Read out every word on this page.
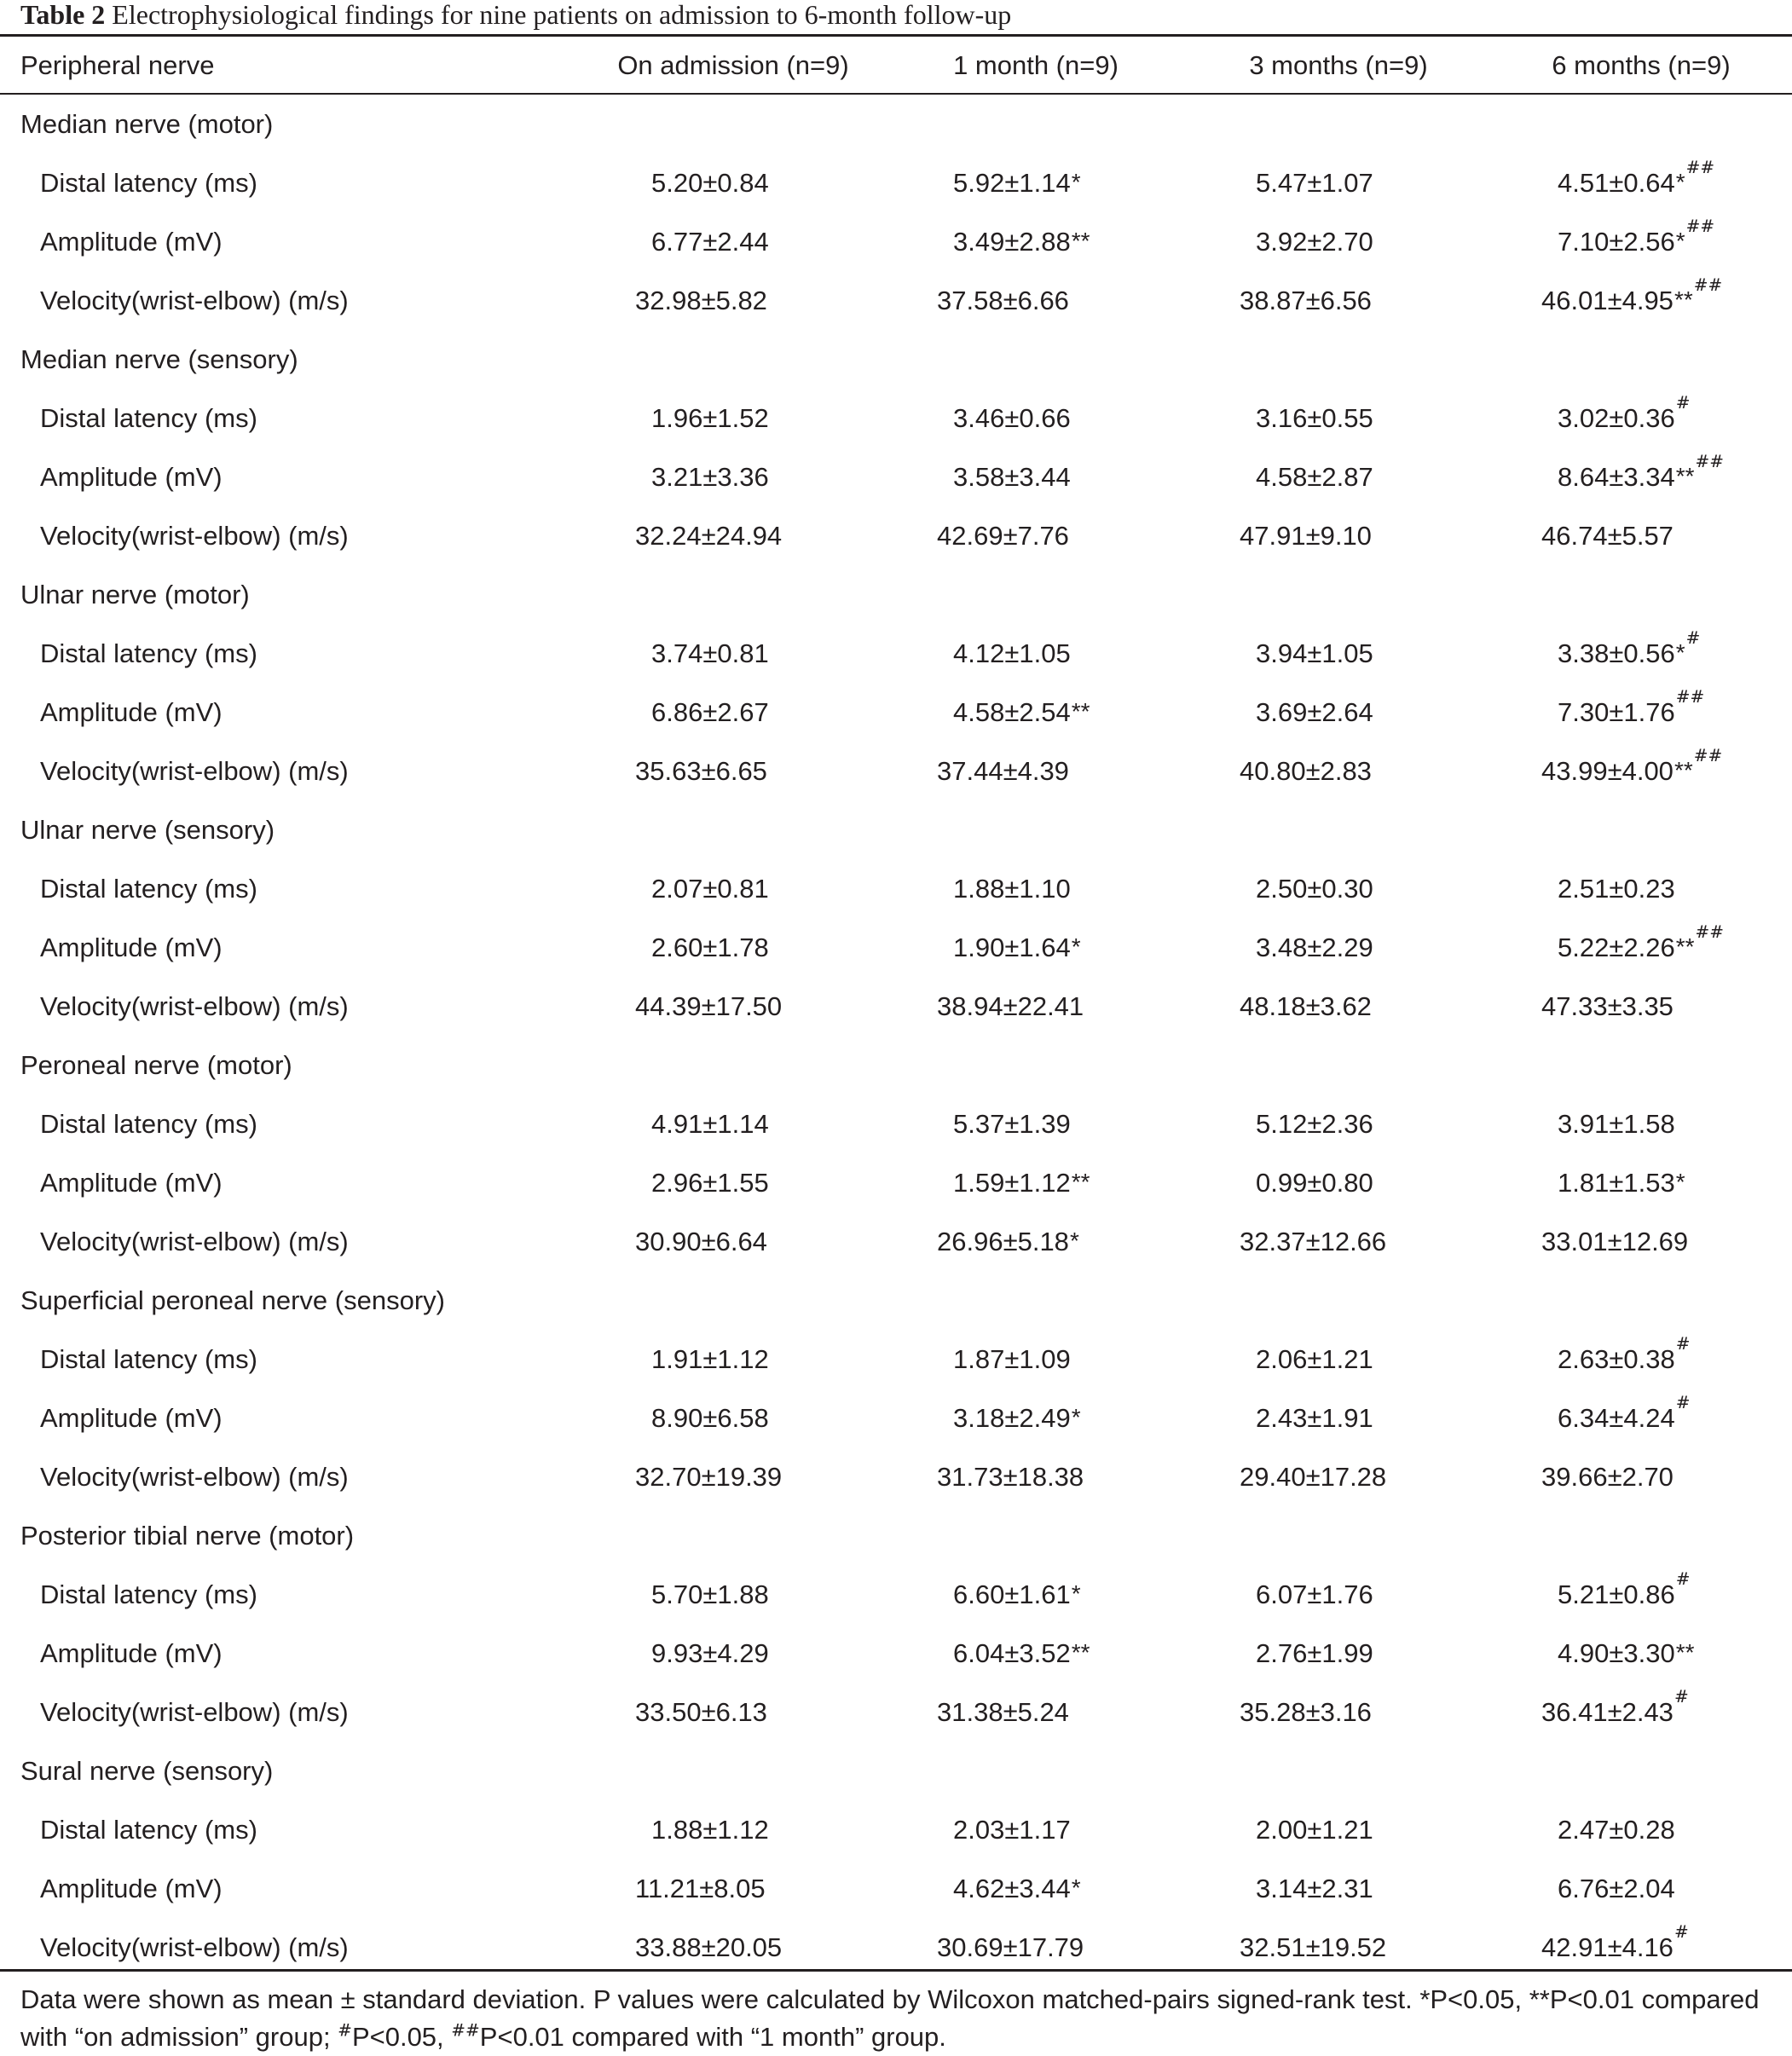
Table 2 Electrophysiological findings for nine patients on admission to 6-month follow-up
Peripheral nerve	On admission (n=9)	1 month (n=9)	3 months (n=9)	6 months (n=9)
Median nerve (motor)
Distal latency (ms)	5.20±0.84	5.92±1.14*	5.47±1.07	4.51±0.64*##
Amplitude (mV)	6.77±2.44	3.49±2.88**	3.92±2.70	7.10±2.56*##
Velocity(wrist-elbow) (m/s)	32.98±5.82	37.58±6.66	38.87±6.56	46.01±4.95**##
Median nerve (sensory)
Distal latency (ms)	1.96±1.52	3.46±0.66	3.16±0.55	3.02±0.36#
Amplitude (mV)	3.21±3.36	3.58±3.44	4.58±2.87	8.64±3.34**##
Velocity(wrist-elbow) (m/s)	32.24±24.94	42.69±7.76	47.91±9.10	46.74±5.57
Ulnar nerve (motor)
Distal latency (ms)	3.74±0.81	4.12±1.05	3.94±1.05	3.38±0.56*#
Amplitude (mV)	6.86±2.67	4.58±2.54**	3.69±2.64	7.30±1.76##
Velocity(wrist-elbow) (m/s)	35.63±6.65	37.44±4.39	40.80±2.83	43.99±4.00**##
Ulnar nerve (sensory)
Distal latency (ms)	2.07±0.81	1.88±1.10	2.50±0.30	2.51±0.23
Amplitude (mV)	2.60±1.78	1.90±1.64*	3.48±2.29	5.22±2.26**##
Velocity(wrist-elbow) (m/s)	44.39±17.50	38.94±22.41	48.18±3.62	47.33±3.35
Peroneal nerve (motor)
Distal latency (ms)	4.91±1.14	5.37±1.39	5.12±2.36	3.91±1.58
Amplitude (mV)	2.96±1.55	1.59±1.12**	0.99±0.80	1.81±1.53*
Velocity(wrist-elbow) (m/s)	30.90±6.64	26.96±5.18*	32.37±12.66	33.01±12.69
Superficial peroneal nerve (sensory)
Distal latency (ms)	1.91±1.12	1.87±1.09	2.06±1.21	2.63±0.38#
Amplitude (mV)	8.90±6.58	3.18±2.49*	2.43±1.91	6.34±4.24#
Velocity(wrist-elbow) (m/s)	32.70±19.39	31.73±18.38	29.40±17.28	39.66±2.70
Posterior tibial nerve (motor)
Distal latency (ms)	5.70±1.88	6.60±1.61*	6.07±1.76	5.21±0.86#
Amplitude (mV)	9.93±4.29	6.04±3.52**	2.76±1.99	4.90±3.30**
Velocity(wrist-elbow) (m/s)	33.50±6.13	31.38±5.24	35.28±3.16	36.41±2.43#
Sural nerve (sensory)
Distal latency (ms)	1.88±1.12	2.03±1.17	2.00±1.21	2.47±0.28
Amplitude (mV)	11.21±8.05	4.62±3.44*	3.14±2.31	6.76±2.04
Velocity(wrist-elbow) (m/s)	33.88±20.05	30.69±17.79	32.51±19.52	42.91±4.16#
Data were shown as mean ± standard deviation. P values were calculated by Wilcoxon matched-pairs signed-rank test. *P<0.05, **P<0.01 compared with “on admission” group; #P<0.05, ##P<0.01 compared with “1 month” group.
